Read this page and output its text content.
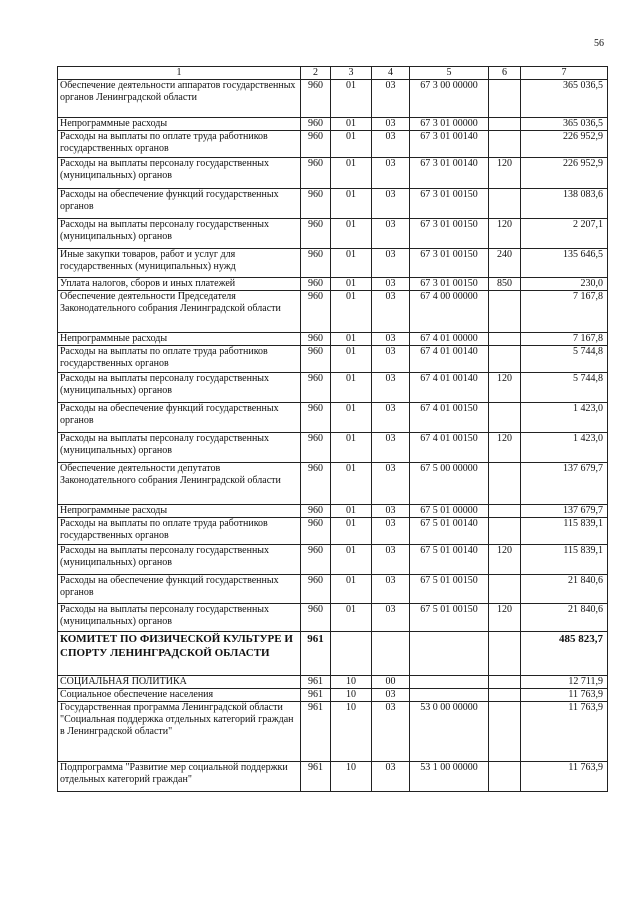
56
1	2	3	4	5	6	7
Обеспечение деятельности аппаратов государственных органов Ленинградской области	960	01	03	67 3 00 00000		365 036,5
Непрограммные расходы	960	01	03	67 3 01 00000		365 036,5
Расходы на выплаты по оплате труда работников государственных органов	960	01	03	67 3 01 00140		226 952,9
Расходы на выплаты персоналу государственных (муниципальных) органов	960	01	03	67 3 01 00140	120	226 952,9
Расходы на обеспечение функций государственных органов	960	01	03	67 3 01 00150		138 083,6
Расходы на выплаты персоналу государственных (муниципальных) органов	960	01	03	67 3 01 00150	120	2 207,1
Иные закупки товаров, работ и услуг для государственных (муниципальных) нужд	960	01	03	67 3 01 00150	240	135 646,5
Уплата налогов, сборов и иных платежей	960	01	03	67 3 01 00150	850	230,0
Обеспечение деятельности Председателя Законодательного собрания Ленинградской области	960	01	03	67 4 00 00000		7 167,8
Непрограммные расходы	960	01	03	67 4 01 00000		7 167,8
Расходы на выплаты по оплате труда работников государственных органов	960	01	03	67 4 01 00140		5 744,8
Расходы на выплаты персоналу государственных (муниципальных) органов	960	01	03	67 4 01 00140	120	5 744,8
Расходы на обеспечение функций государственных органов	960	01	03	67 4 01 00150		1 423,0
Расходы на выплаты персоналу государственных (муниципальных) органов	960	01	03	67 4 01 00150	120	1 423,0
Обеспечение деятельности депутатов Законодательного собрания Ленинградской области	960	01	03	67 5 00 00000		137 679,7
Непрограммные расходы	960	01	03	67 5 01 00000		137 679,7
Расходы на выплаты по оплате труда работников государственных органов	960	01	03	67 5 01 00140		115 839,1
Расходы на выплаты персоналу государственных (муниципальных) органов	960	01	03	67 5 01 00140	120	115 839,1
Расходы на обеспечение функций государственных органов	960	01	03	67 5 01 00150		21 840,6
Расходы на выплаты персоналу государственных (муниципальных) органов	960	01	03	67 5 01 00150	120	21 840,6
КОМИТЕТ ПО ФИЗИЧЕСКОЙ КУЛЬТУРЕ И СПОРТУ ЛЕНИНГРАДСКОЙ ОБЛАСТИ	961					485 823,7
СОЦИАЛЬНАЯ ПОЛИТИКА	961	10	00			12 711,9
Социальное обеспечение населения	961	10	03			11 763,9
Государственная программа Ленинградской области "Социальная поддержка отдельных категорий граждан в Ленинградской области"	961	10	03	53 0 00 00000		11 763,9
Подпрограмма "Развитие мер социальной поддержки отдельных категорий граждан"	961	10	03	53 1 00 00000		11 763,9
